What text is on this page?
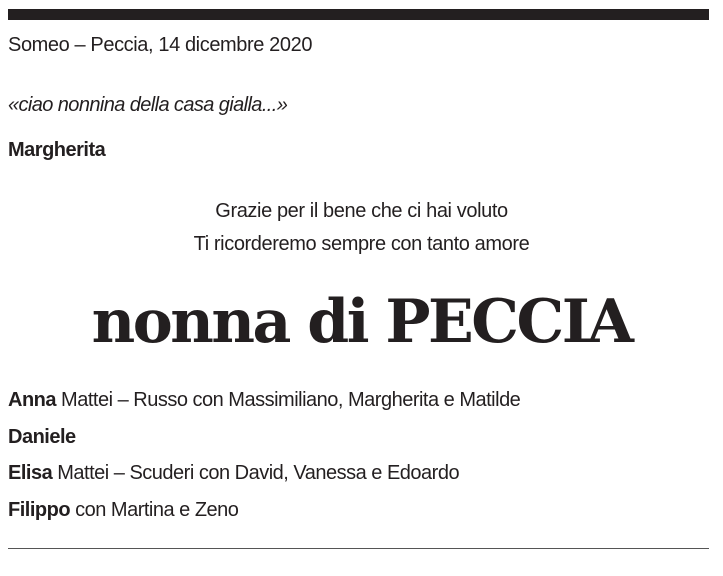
Someo – Peccia, 14 dicembre 2020
«ciao nonnina della casa gialla...»
Margherita
Grazie per il bene che ci hai voluto
Ti ricorderemo sempre con tanto amore
nonna di PECCIA
Anna Mattei – Russo con Massimiliano, Margherita e Matilde
Daniele
Elisa Mattei – Scuderi con David, Vanessa e Edoardo
Filippo con Martina e Zeno
